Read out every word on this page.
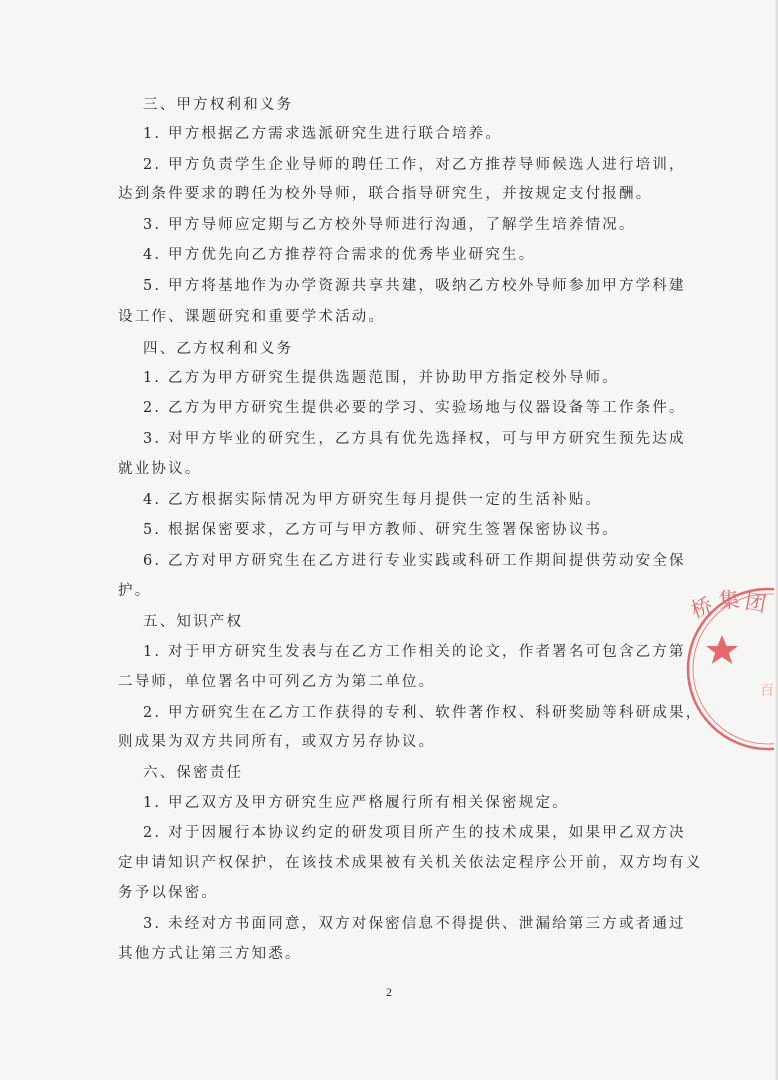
三、甲方权利和义务
1. 甲方根据乙方需求选派研究生进行联合培养。
2. 甲方负责学生企业导师的聘任工作，对乙方推荐导师候选人进行培训，
达到条件要求的聘任为校外导师，联合指导研究生，并按规定支付报酬。
3. 甲方导师应定期与乙方校外导师进行沟通，了解学生培养情况。
4. 甲方优先向乙方推荐符合需求的优秀毕业研究生。
5. 甲方将基地作为办学资源共享共建，吸纳乙方校外导师参加甲方学科建
设工作、课题研究和重要学术活动。
四、乙方权利和义务
1. 乙方为甲方研究生提供选题范围，并协助甲方指定校外导师。
2. 乙方为甲方研究生提供必要的学习、实验场地与仪器设备等工作条件。
3. 对甲方毕业的研究生，乙方具有优先选择权，可与甲方研究生预先达成
就业协议。
4. 乙方根据实际情况为甲方研究生每月提供一定的生活补贴。
5. 根据保密要求，乙方可与甲方教师、研究生签署保密协议书。
6. 乙方对甲方研究生在乙方进行专业实践或科研工作期间提供劳动安全保
护。
五、知识产权
1. 对于甲方研究生发表与在乙方工作相关的论文，作者署名可包含乙方第
二导师，单位署名中可列乙方为第二单位。
2. 甲方研究生在乙方工作获得的专利、软件著作权、科研奖励等科研成果，
则成果为双方共同所有，或双方另存协议。
六、保密责任
1. 甲乙双方及甲方研究生应严格履行所有相关保密规定。
2. 对于因履行本协议约定的研发项目所产生的技术成果，如果甲乙双方决
定申请知识产权保护，在该技术成果被有关机关依法定程序公开前，双方均有义
务予以保密。
3. 未经对方书面同意，双方对保密信息不得提供、泄漏给第三方或者通过
其他方式让第三方知悉。
2
桥 集 团
ʼ	百
